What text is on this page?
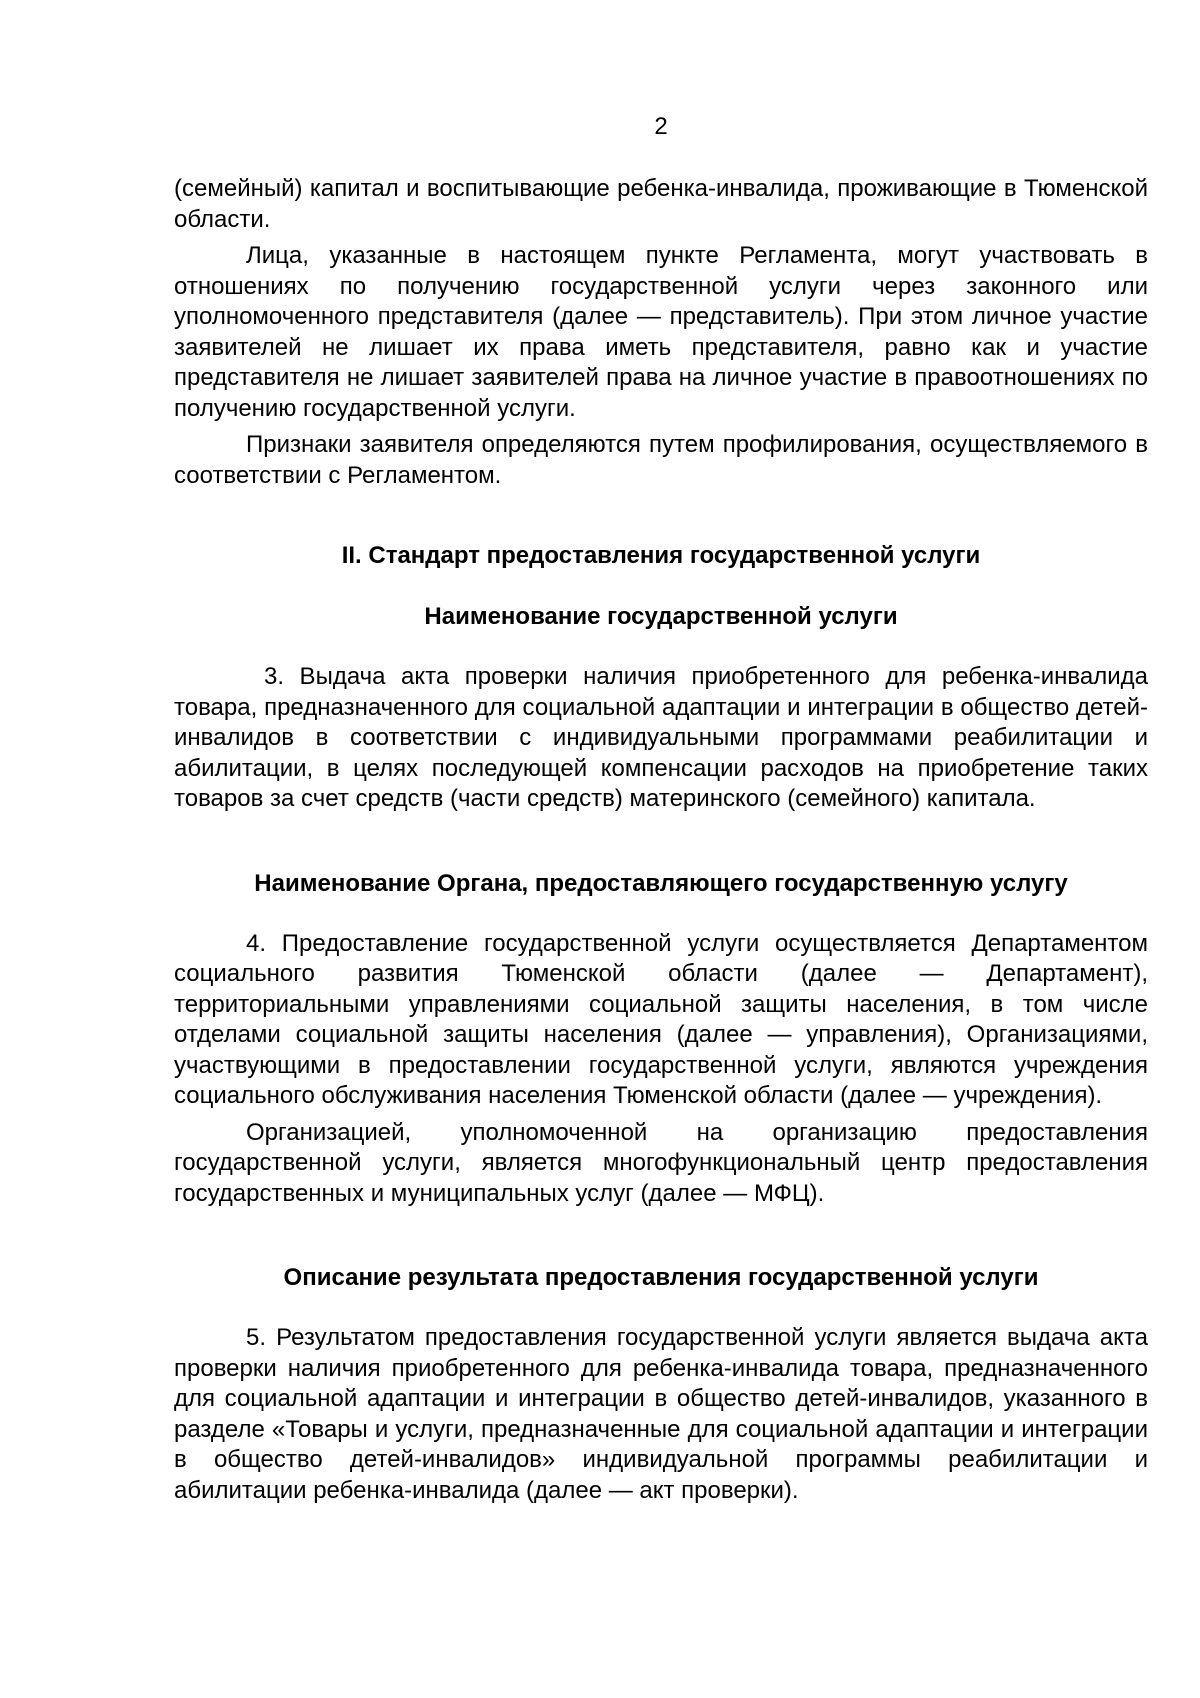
2

(семейный) капитал и воспитывающие ребенка-инвалида, проживающие в Тюменской области.

Лица, указанные в настоящем пункте Регламента, могут участвовать в отношениях по получению государственной услуги через законного или уполномоченного представителя (далее — представитель). При этом личное участие заявителей не лишает их права иметь представителя, равно как и участие представителя не лишает заявителей права на личное участие в правоотношениях по получению государственной услуги.

Признаки заявителя определяются путем профилирования, осуществляемого в соответствии с Регламентом.

II. Стандарт предоставления государственной услуги
Наименование государственной услуги

3. Выдача акта проверки наличия приобретенного для ребенка-инвалида товара, предназначенного для социальной адаптации и интеграции в общество детей-инвалидов в соответствии с индивидуальными программами реабилитации и абилитации, в целях последующей компенсации расходов на приобретение таких товаров за счет средств (части средств) материнского (семейного) капитала.

Наименование Органа, предоставляющего государственную услугу

4. Предоставление государственной услуги осуществляется Департаментом социального развития Тюменской области (далее — Департамент), территориальными управлениями социальной защиты населения, в том числе отделами социальной защиты населения (далее — управления), Организациями, участвующими в предоставлении государственной услуги, являются учреждения социального обслуживания населения Тюменской области (далее — учреждения).

Организацией, уполномоченной на организацию предоставления государственной услуги, является многофункциональный центр предоставления государственных и муниципальных услуг (далее — МФЦ).

Описание результата предоставления государственной услуги

5. Результатом предоставления государственной услуги является выдача акта проверки наличия приобретенного для ребенка-инвалида товара, предназначенного для социальной адаптации и интеграции в общество детей-инвалидов, указанного в разделе «Товары и услуги, предназначенные для социальной адаптации и интеграции в общество детей-инвалидов» индивидуальной программы реабилитации и абилитации ребенка-инвалида (далее — акт проверки).
